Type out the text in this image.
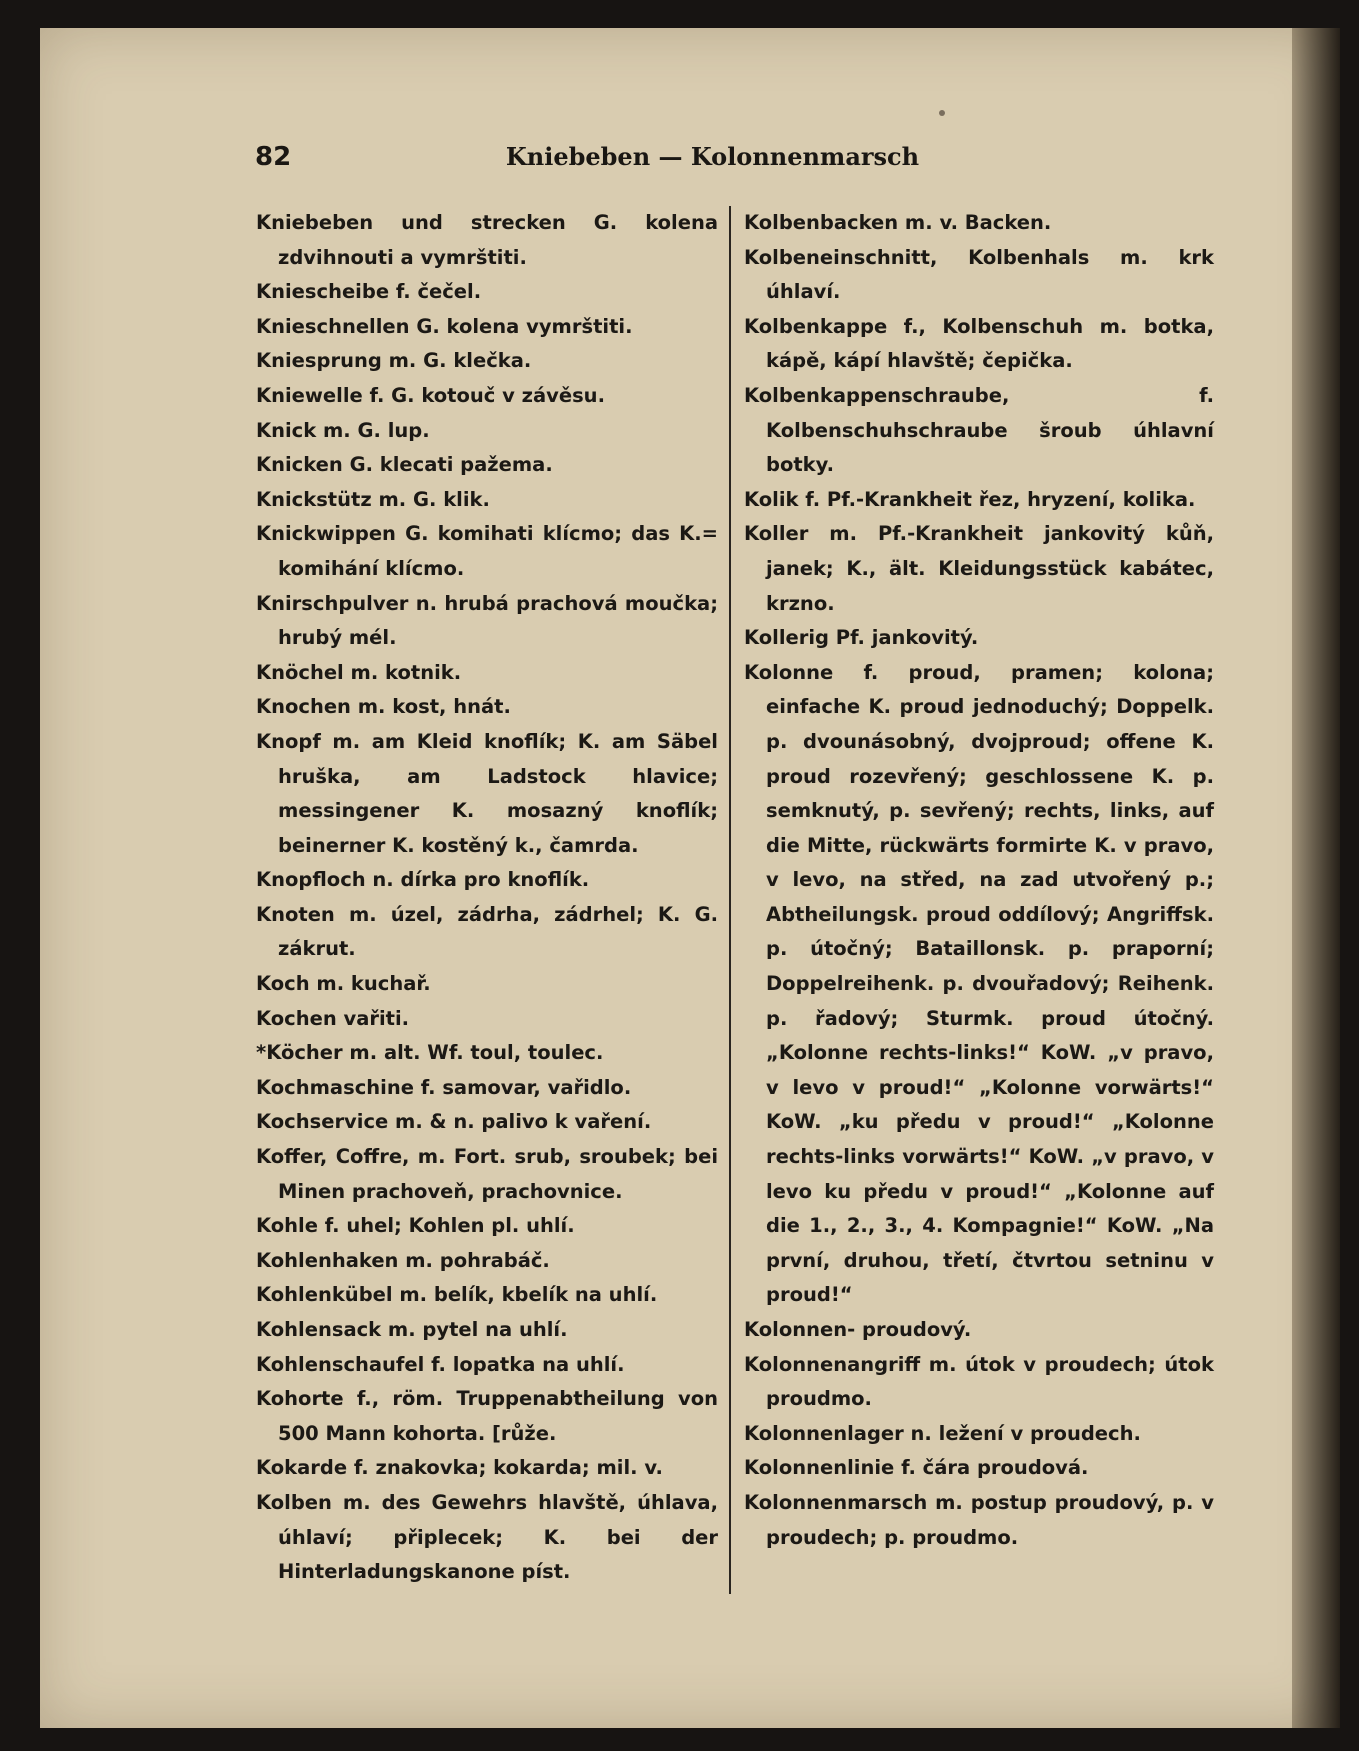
82	Kniebeben — Kolonnenmarsch

Kniebeben und strecken G. kolena zdvihnouti a vymrštiti.

Kniescheibe f. čečel.

Knieschnellen G. kolena vymrštiti.

Kniesprung m. G. klečka.

Kniewelle f. G. kotouč v závěsu.

Knick m. G. lup.

Knicken G. klecati pažema.

Knickstütz m. G. klik.

Knickwippen G. komihati klícmo; das K.= komihání klícmo.

Knirschpulver n. hrubá prachová moučka; hrubý mél.

Knöchel m. kotnik.

Knochen m. kost, hnát.

Knopf m. am Kleid knoflík; K. am Säbel hruška, am Ladstock hlavice; messingener K. mosazný knoflík; beinerner K. kostěný k., čamrda.

Knopfloch n. dírka pro knoflík.

Knoten m. úzel, zádrha, zádrhel; K. G. zákrut.

Koch m. kuchař.

Kochen vařiti.

*Köcher m. alt. Wf. toul, toulec.

Kochmaschine f. samovar, vařidlo.

Kochservice m. & n. palivo k vaření.

Koffer, Coffre, m. Fort. srub, sroubek; bei Minen prachoveň, prachovnice.

Kohle f. uhel; Kohlen pl. uhlí.

Kohlenhaken m. pohrabáč.

Kohlenkübel m. belík, kbelík na uhlí.

Kohlensack m. pytel na uhlí.

Kohlenschaufel f. lopatka na uhlí.

Kohorte f., röm. Truppenabtheilung von 500 Mann kohorta. [růže.

Kokarde f. znakovka; kokarda; mil. v.

Kolben m. des Gewehrs hlavště, úhlava, úhlaví; připlecek; K. bei der Hinterladungskanone píst.

Kolbenbacken m. v. Backen.

Kolbeneinschnitt, Kolbenhals m. krk úhlaví.

Kolbenkappe f., Kolbenschuh m. botka, kápě, kápí hlavště; čepička.

Kolbenkappenschraube, f. Kolbenschuhschraube šroub úhlavní botky.

Kolik f. Pf.-Krankheit řez, hryzení, kolika.

Koller m. Pf.-Krankheit jankovitý kůň, janek; K., ält. Kleidungsstück kabátec, krzno.

Kollerig Pf. jankovitý.

Kolonne f. proud, pramen; kolona; einfache K. proud jednoduchý; Doppelk. p. dvounásobný, dvojproud; offene K. proud rozevřený; geschlossene K. p. semknutý, p. sevřený; rechts, links, auf die Mitte, rückwärts formirte K. v pravo, v levo, na střed, na zad utvořený p.; Abtheilungsk. proud oddílový; Angriffsk. p. útočný; Bataillonsk. p. praporní; Doppelreihenk. p. dvouřadový; Reihenk. p. řadový; Sturmk. proud útočný. „Kolonne rechts-links!“ KoW. „v pravo, v levo v proud!“ „Kolonne vorwärts!“ KoW. „ku předu v proud!“ „Kolonne rechts-links vorwärts!“ KoW. „v pravo, v levo ku předu v proud!“ „Kolonne auf die 1., 2., 3., 4. Kompagnie!“ KoW. „Na první, druhou, třetí, čtvrtou setninu v proud!“

Kolonnen- proudový.

Kolonnenangriff m. útok v proudech; útok proudmo.

Kolonnenlager n. ležení v proudech.

Kolonnenlinie f. čára proudová.

Kolonnenmarsch m. postup proudový, p. v proudech; p. proudmo.
